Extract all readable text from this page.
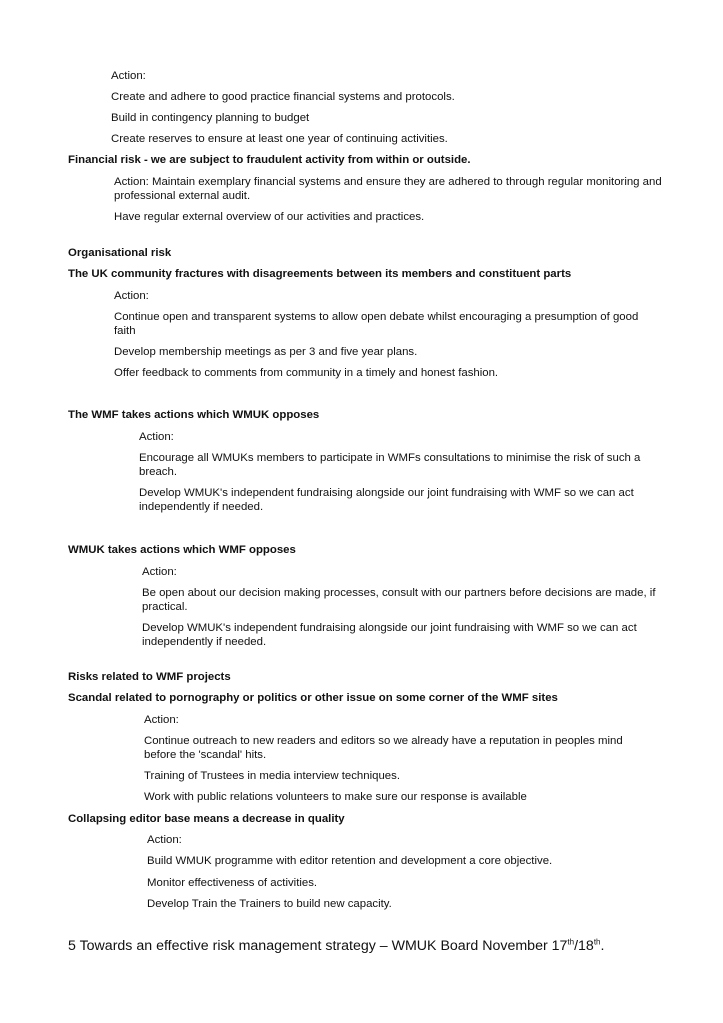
Action:
Create and adhere to good practice financial systems and protocols.
Build in contingency planning to budget
Create reserves to ensure at least one year of continuing activities.
Financial risk - we are subject to fraudulent activity from within or outside.
Action: Maintain exemplary financial systems and ensure they are adhered to through regular monitoring and professional external audit.
Have regular external overview of our activities and practices.
Organisational risk
The UK community fractures with disagreements between its members and constituent parts
Action:
Continue open and transparent systems to allow open debate whilst encouraging a presumption of good faith
Develop membership meetings as per 3 and five year plans.
Offer feedback to comments from community in a timely and honest fashion.
The WMF takes actions which WMUK opposes
Action:
Encourage all WMUKs members to participate in WMFs consultations to minimise the risk of such a breach.
Develop WMUK's independent fundraising alongside our joint fundraising with WMF so we can act independently if needed.
WMUK takes actions which WMF opposes
Action:
Be open about our decision making processes, consult with our partners before decisions are made, if practical.
Develop WMUK's independent fundraising alongside our joint fundraising with WMF so we can act independently if needed.
Risks related to WMF projects
Scandal related to pornography or politics or other issue on some corner of the WMF sites
Action:
Continue outreach to new readers and editors so we already have a reputation in peoples mind before the 'scandal' hits.
Training of Trustees in media interview techniques.
Work with public relations volunteers to make sure our response is available
Collapsing editor base means a decrease in quality
Action:
Build WMUK programme with editor retention and development a core objective.
Monitor effectiveness of activities.
Develop Train the Trainers to build new capacity.
5 Towards an effective risk management strategy – WMUK Board November 17th/18th.
